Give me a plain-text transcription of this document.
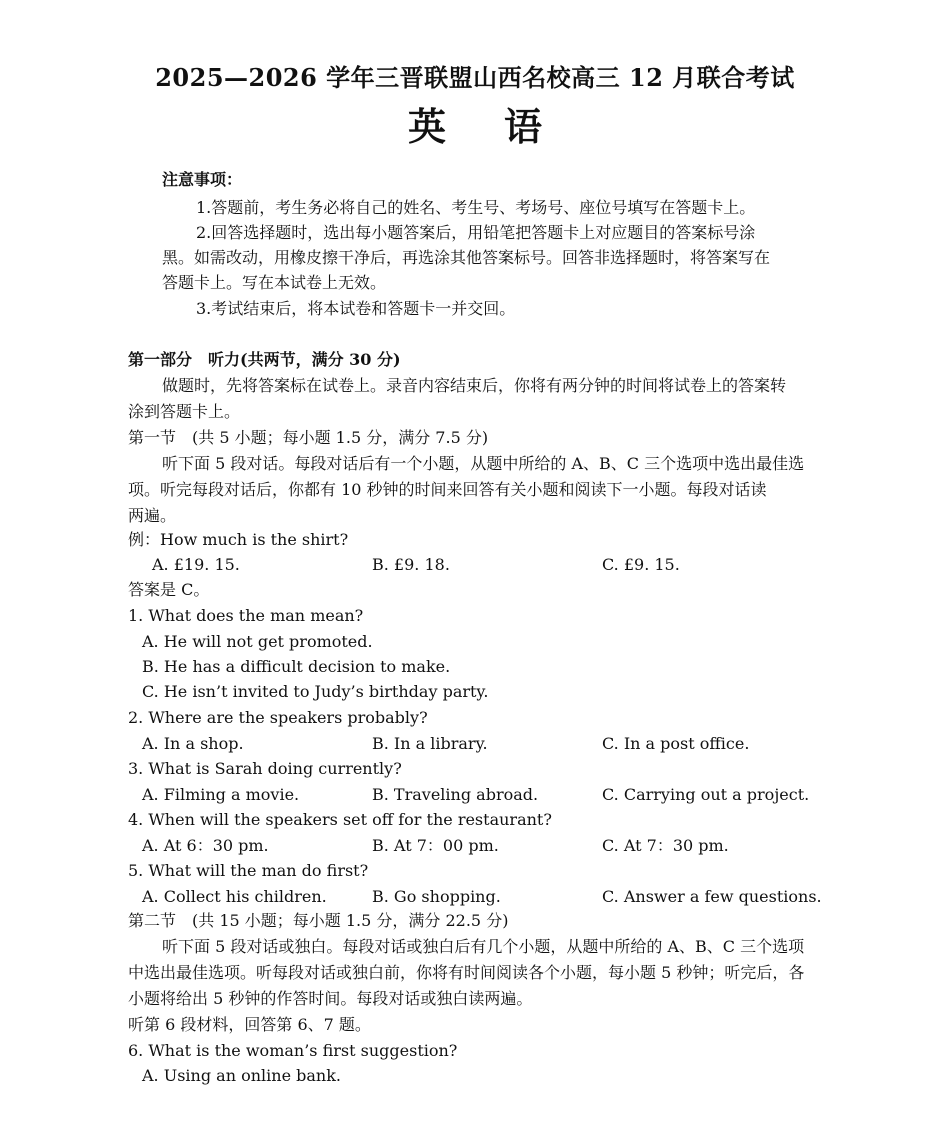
2025—2026 学年三晋联盟山西名校高三 12 月联合考试
英语
注意事项：
1.答题前，考生务必将自己的姓名、考生号、考场号、座位号填写在答题卡上。
2.回答选择题时，选出每小题答案后，用铅笔把答题卡上对应题目的答案标号涂
黑。如需改动，用橡皮擦干净后，再选涂其他答案标号。回答非选择题时，将答案写在
答题卡上。写在本试卷上无效。
3.考试结束后，将本试卷和答题卡一并交回。
第一部分　听力(共两节，满分 30 分)
做题时，先将答案标在试卷上。录音内容结束后，你将有两分钟的时间将试卷上的答案转
涂到答题卡上。
第一节　(共 5 小题；每小题 1.5 分，满分 7.5 分)
听下面 5 段对话。每段对话后有一个小题，从题中所给的 A、B、C 三个选项中选出最佳选
项。听完每段对话后，你都有 10 秒钟的时间来回答有关小题和阅读下一小题。每段对话读
两遍。
例：How much is the shirt?
A. £19. 15.	B. £9. 18.	C. £9. 15.
答案是 C。
1. What does the man mean?
A. He will not get promoted.
B. He has a difficult decision to make.
C. He isn’t invited to Judy’s birthday party.
2. Where are the speakers probably?
A. In a shop.	B. In a library.	C. In a post office.
3. What is Sarah doing currently?
A. Filming a movie.	B. Traveling abroad.	C. Carrying out a project.
4. When will the speakers set off for the restaurant?
A. At 6：30 pm.	B. At 7：00 pm.	C. At 7：30 pm.
5. What will the man do first?
A. Collect his children.	B. Go shopping.	C. Answer a few questions.
第二节　(共 15 小题；每小题 1.5 分，满分 22.5 分)
听下面 5 段对话或独白。每段对话或独白后有几个小题，从题中所给的 A、B、C 三个选项
中选出最佳选项。听每段对话或独白前，你将有时间阅读各个小题，每小题 5 秒钟；听完后，各
小题将给出 5 秒钟的作答时间。每段对话或独白读两遍。
听第 6 段材料，回答第 6、7 题。
6. What is the woman’s first suggestion?
A. Using an online bank.
